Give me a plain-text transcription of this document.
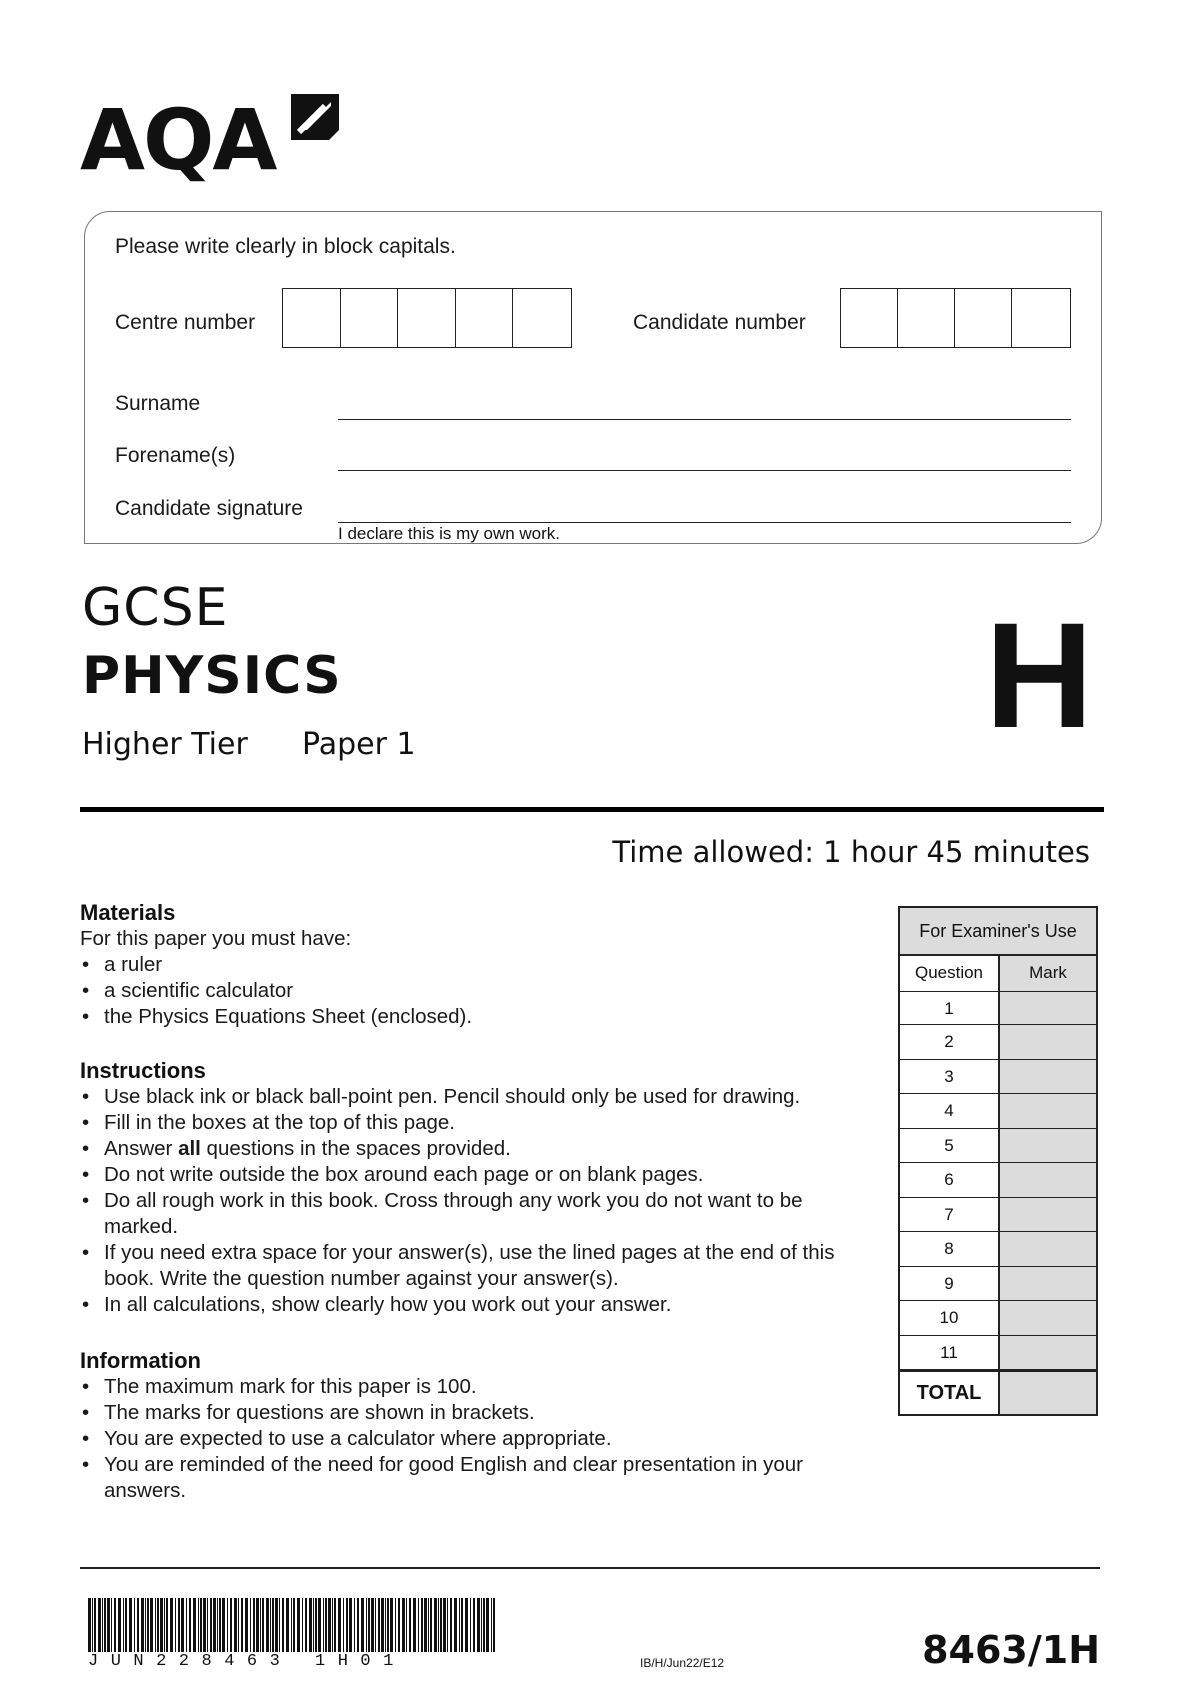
AQA
Please write clearly in block capitals.
Centre number	Candidate number
Surname
Forename(s)
Candidate signature
I declare this is my own work.
GCSE
PHYSICS
Higher Tier Paper 1	H
Time allowed: 1 hour 45 minutes
Materials
For this paper you must have:
• a ruler
• a scientific calculator
• the Physics Equations Sheet (enclosed).
Instructions
• Use black ink or black ball-point pen. Pencil should only be used for drawing.
• Fill in the boxes at the top of this page.
• Answer all questions in the spaces provided.
• Do not write outside the box around each page or on blank pages.
• Do all rough work in this book. Cross through any work you do not want to be marked.
• If you need extra space for your answer(s), use the lined pages at the end of this book. Write the question number against your answer(s).
• In all calculations, show clearly how you work out your answer.
Information
• The maximum mark for this paper is 100.
• The marks for questions are shown in brackets.
• You are expected to use a calculator where appropriate.
• You are reminded of the need for good English and clear presentation in your answers.
For Examiner's Use
Question	Mark
1
2
3
4
5
6
7
8
9
10
11
TOTAL
JUN228463 1H01	IB/H/Jun22/E12	8463/1H
